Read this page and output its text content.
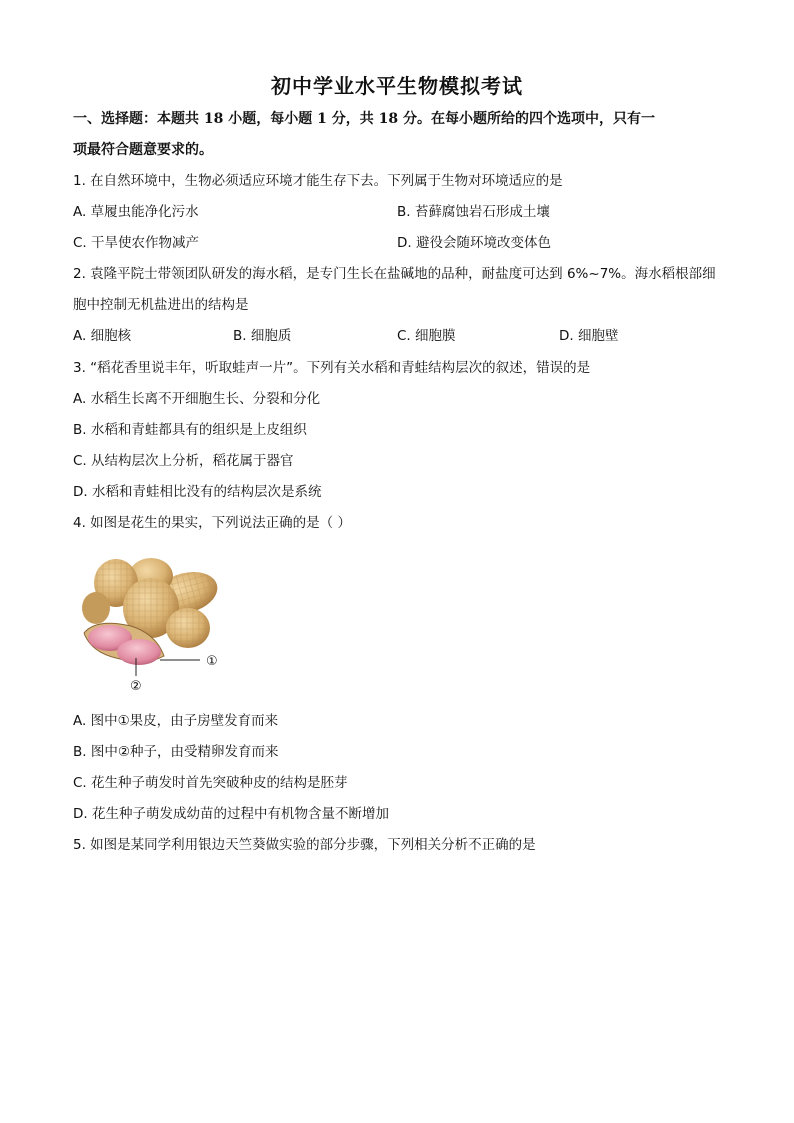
初中学业水平生物模拟考试
一、选择题：本题共 18 小题，每小题 1 分，共 18 分。在每小题所给的四个选项中，只有一
项最符合题意要求的。
1. 在自然环境中，生物必须适应环境才能生存下去。下列属于生物对环境适应的是
A. 草履虫能净化污水	B. 苔藓腐蚀岩石形成土壤
C. 干旱使农作物减产	D. 避役会随环境改变体色
2. 袁隆平院士带领团队研发的海水稻，是专门生长在盐碱地的品种，耐盐度可达到 6%~7%。海水稻根部细
胞中控制无机盐进出的结构是
A. 细胞核	B. 细胞质	C. 细胞膜	D. 细胞壁
3. “稻花香里说丰年，听取蛙声一片”。下列有关水稻和青蛙结构层次的叙述，错误的是
A. 水稻生长离不开细胞生长、分裂和分化
B. 水稻和青蛙都具有的组织是上皮组织
C. 从结构层次上分析，稻花属于器官
D. 水稻和青蛙相比没有的结构层次是系统
4. 如图是花生的果实，下列说法正确的是（ ）
①
②
A. 图中①果皮，由子房壁发育而来
B. 图中②种子，由受精卵发育而来
C. 花生种子萌发时首先突破种皮的结构是胚芽
D. 花生种子萌发成幼苗的过程中有机物含量不断增加
5. 如图是某同学利用银边天竺葵做实验的部分步骤，下列相关分析不正确的是
